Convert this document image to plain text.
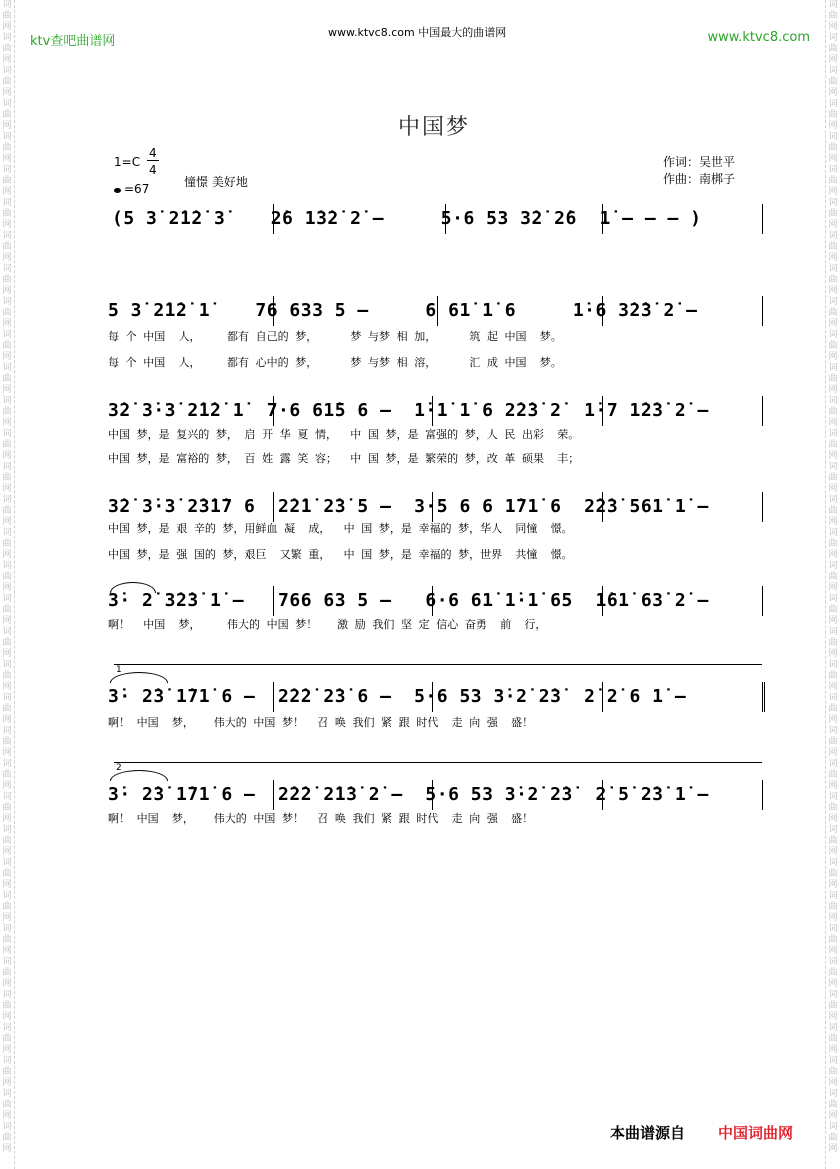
词曲网词曲网词曲网词曲网词曲网词曲网词曲网词曲网词曲网词曲网词曲网词曲网词曲网词曲网词曲网词曲网词曲网词曲网词曲网词曲网词曲网词曲网词曲网词曲网词曲网词曲网词曲网词曲网词曲网词曲网词曲网词曲网词曲网词曲网词曲网
词曲网词曲网词曲网词曲网词曲网词曲网词曲网词曲网词曲网词曲网词曲网词曲网词曲网词曲网词曲网词曲网词曲网词曲网词曲网词曲网词曲网词曲网词曲网词曲网词曲网词曲网词曲网词曲网词曲网词曲网词曲网词曲网词曲网词曲网词曲网
ktv查吧曲谱网
www.ktvc8.com 中国最大的曲谱网	www.ktvc8.com
中国梦
1=C
4
4
憧憬 美好地
=67
作词：吴世平
作曲：南梆子
(5 3̇ 2̇1̇2̇ 3̇    2̇6 1̇3̇2̇ 2̇ –     5·6 53 3̇2̇ 2̇6  1̇ – – – )
5 3̇ 2̇1̇2̇ 1̇    76 633 5 –     6 61̇ 1̇ 6     1̇·6 3̇2̇3̇ 2̇ –
每 个 中国  人，    都有 自己的 梦，     梦 与梦 相 加，     筑 起 中国  梦。
每 个 中国  人，    都有 心中的 梦，     梦 与梦 相 溶，     汇 成 中国  梦。
3̇2̇ 3̇·3̇ 2̇1̇2̇ 1̇  7·6 61̇5 6 –  1̇·1̇ 1̇ 6 2̇2̇3̇ 2̇  1̇·7 1̇2̇3̇ 2̇ –
中国 梦，是 复兴的 梦， 启 开 华 夏 情，  中 国 梦，是 富强的 梦，人 民 出彩  荣。
中国 梦，是 富裕的 梦， 百 姓 露 笑 容；  中 国 梦，是 繁荣的 梦，改 革 硕果  丰；
3̇2̇ 3̇·3̇ 2̇3̇1̇7 6  2̇2̇1̇ 2̇3̇ 5 –  3·5 6 6 1̇71̇ 6  2̇2̇3̇ 561̇ 1̇ –
中国 梦，是 艰 辛的 梦，用鲜血 凝  成，  中 国 梦，是 幸福的 梦，华人  同憧  憬。
中国 梦，是 强 国的 梦，艰巨  又繁 重，  中 国 梦，是 幸福的 梦，世界  共憧  憬。
3̇· 2̇ 3̇2̇3̇ 1̇ –   766 63 5 –   6·6 61̇ 1̇·1̇ 65  1̇61̇ 63̇ 2̇ –
啊！  中国  梦，    伟大的 中国 梦！   激 励 我们 坚 定 信心 奋勇  前  行，
1
3̇· 2̇3̇ 1̇71̇ 6 –  2̇2̇2̇ 2̇3̇ 6 –  5·6 53 3̇·2̇ 2̇3̇  2̇ 2̇ 6 1̇ –
啊！ 中国  梦，   伟大的 中国 梦！  召 唤 我们 紧 跟 时代  走 向 强  盛！
2
3̇· 2̇3̇ 1̇71̇ 6 –  2̇2̇2̇ 2̇1̇3̇ 2̇ –  5·6 53 3̇·2̇ 2̇3̇  2̇ 5̇ 2̇3̇ 1̇ –
啊！ 中国  梦，   伟大的 中国 梦！  召 唤 我们 紧 跟 时代  走 向 强  盛！
本曲谱源自 中国词曲网
